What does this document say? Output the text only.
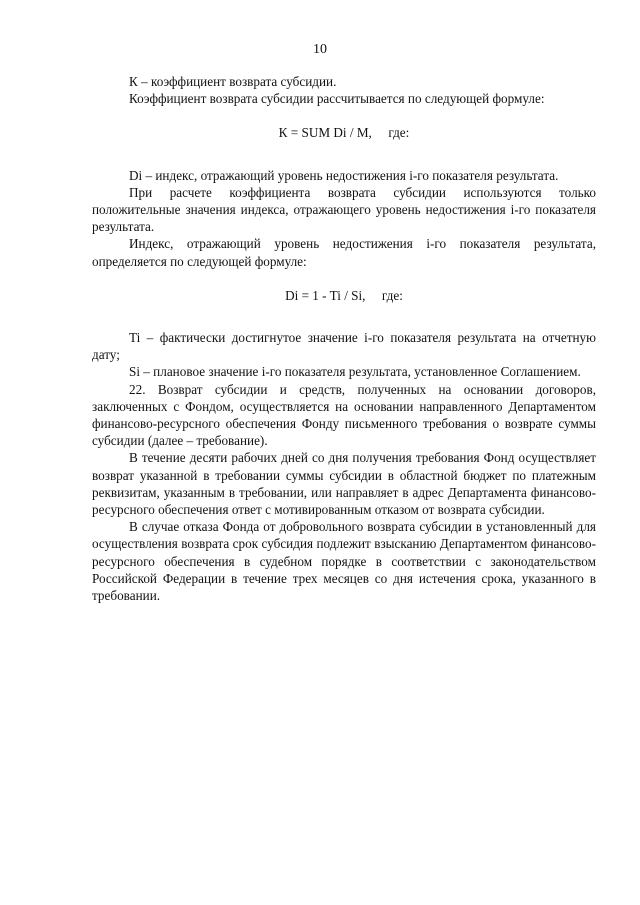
10

К – коэффициент возврата субсидии.

Коэффициент возврата субсидии рассчитывается по следующей формуле:

К = SUM Di / M,     где:

Di – индекс, отражающий уровень недостижения i-го показателя результата.

При расчете коэффициента возврата субсидии используются только положительные значения индекса, отражающего уровень недостижения i-го показателя результата.

Индекс, отражающий уровень недостижения i-го показателя результата, определяется по следующей формуле:

Di = 1 - Ti / Si,     где:

Ti – фактически достигнутое значение i-го показателя результата на отчетную дату;

Si – плановое значение i-го показателя результата, установленное Соглашением.

22. Возврат субсидии и средств, полученных на основании договоров, заключенных с Фондом, осуществляется на основании направленного Департаментом финансово-ресурсного обеспечения Фонду письменного требования о возврате суммы субсидии (далее – требование).

В течение десяти рабочих дней со дня получения требования Фонд осуществляет возврат указанной в требовании суммы субсидии в областной бюджет по платежным реквизитам, указанным в требовании, или направляет в адрес Департамента финансово-ресурсного обеспечения ответ с мотивированным отказом от возврата субсидии.

В случае отказа Фонда от добровольного возврата субсидии в установленный для осуществления возврата срок субсидия подлежит взысканию Департаментом финансово-ресурсного обеспечения в судебном порядке в соответствии с законодательством Российской Федерации в течение трех месяцев со дня истечения срока, указанного в требовании.
